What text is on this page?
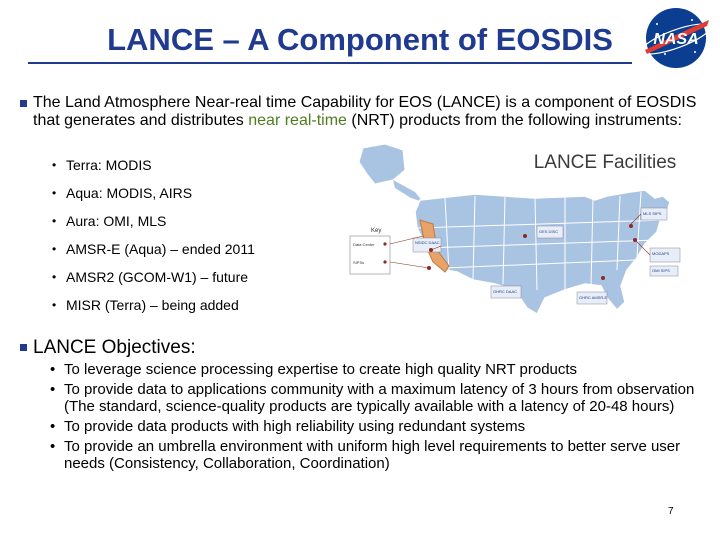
LANCE – A Component of EOSDIS	NASA
The Land Atmosphere Near-real time Capability for EOS (LANCE) is a component of EOSDIS that generates and distributes near real-time (NRT) products from the following instruments:
• Terra: MODIS
• Aqua: MODIS, AIRS
• Aura: OMI, MLS
• AMSR-E (Aqua) – ended 2011
• AMSR2 (GCOM-W1) – future
• MISR (Terra) – being added
LANCE Facilities
Key
Data Center
SIPSs
NSIDC DAAC
GES DISC
MLS SIPS
GHRC DAAC
GHRC AMSR-E
MODAPS
OMI SIPS
LANCE Objectives:
• To leverage science processing expertise to create high quality NRT products
• To provide data to applications community with a maximum latency of 3 hours from observation (The standard, science-quality products are typically available with a latency of 20-48 hours)
• To provide data products with high reliability using redundant systems
• To provide an umbrella environment with uniform high level requirements to better serve user needs (Consistency, Collaboration, Coordination)
7
